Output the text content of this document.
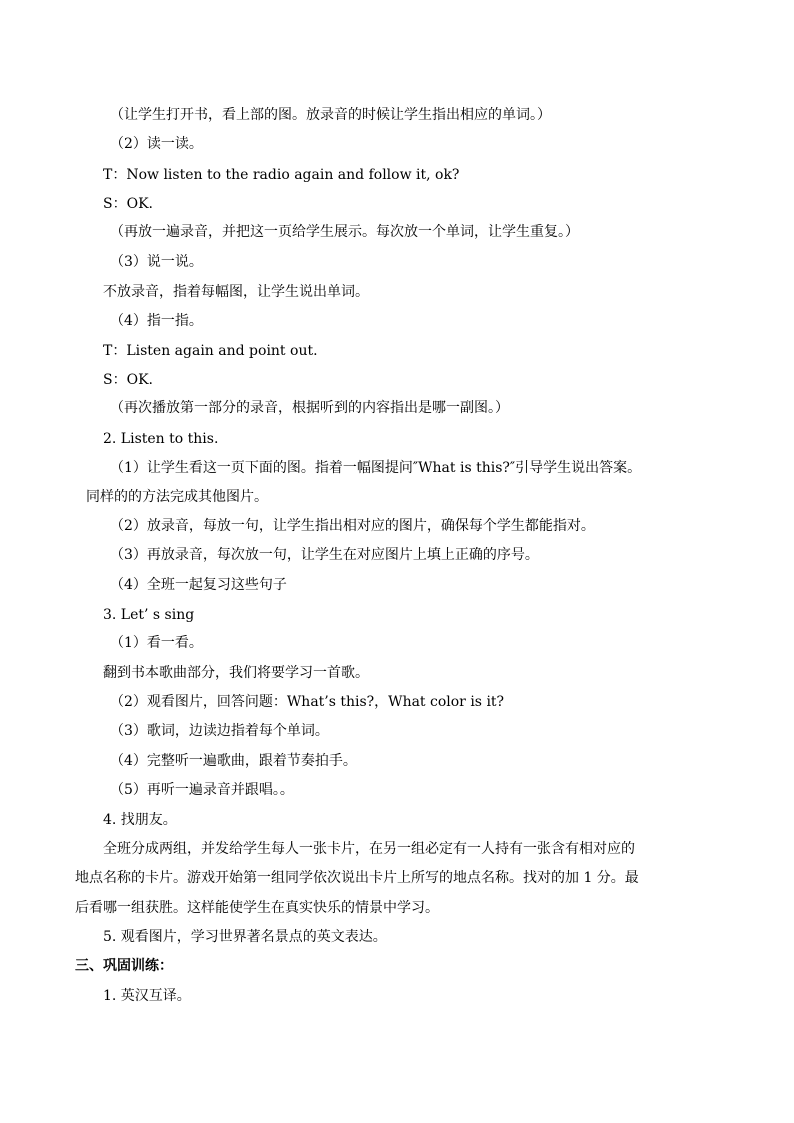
（让学生打开书，看上部的图。放录音的时候让学生指出相应的单词。）

（2）读一读。

T：Now listen to the radio again and follow it, ok?

S：OK.

（再放一遍录音，并把这一页给学生展示。每次放一个单词，让学生重复。）

（3）说一说。

不放录音，指着每幅图，让学生说出单词。

（4）指一指。

T：Listen again and point out.

S：OK.

（再次播放第一部分的录音，根据听到的内容指出是哪一副图。）

2. Listen to this.

（1）让学生看这一页下面的图。指着一幅图提问″What is this?″引导学生说出答案。

同样的的方法完成其他图片。

（2）放录音，每放一句，让学生指出相对应的图片，确保每个学生都能指对。

（3）再放录音，每次放一句，让学生在对应图片上填上正确的序号。

（4）全班一起复习这些句子

3. Let’ s sing

（1）看一看。

翻到书本歌曲部分，我们将要学习一首歌。

（2）观看图片，回答问题：What’s this?，What color is it?

（3）歌词，边读边指着每个单词。

（4）完整听一遍歌曲，跟着节奏拍手。

（5）再听一遍录音并跟唱。。

4. 找朋友。

全班分成两组，并发给学生每人一张卡片，在另一组必定有一人持有一张含有相对应的

地点名称的卡片。游戏开始第一组同学依次说出卡片上所写的地点名称。找对的加 1 分。最

后看哪一组获胜。这样能使学生在真实快乐的情景中学习。

5. 观看图片，学习世界著名景点的英文表达。

三、巩固训练：

1. 英汉互译。
